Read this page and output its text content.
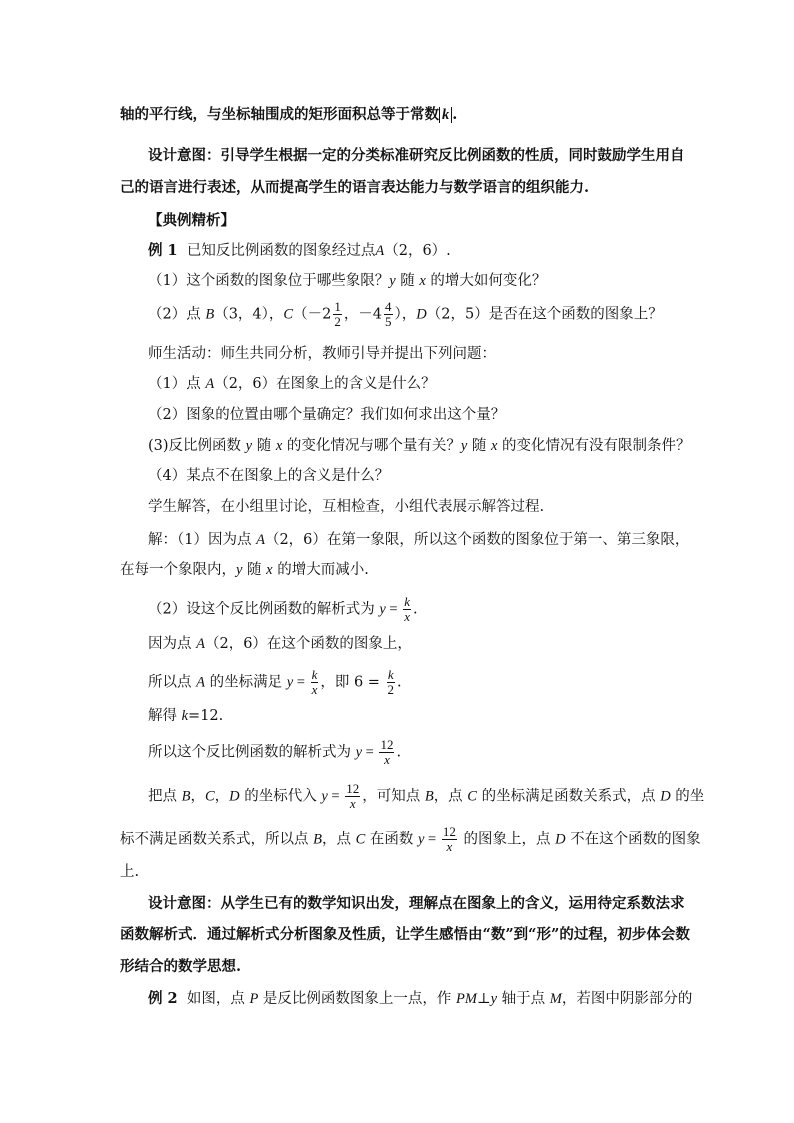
轴的平行线，与坐标轴围成的矩形面积总等于常数 k .
设计意图：引导学生根据一定的分类标准研究反比例函数的性质，同时鼓励学生用自
己的语言进行表述，从而提高学生的语言表达能力与数学语言的组织能力.
【典例精析】
例 1 已知反比例函数的图象经过点A（2，6）.
（1）这个函数的图象位于哪些象限？y 随 x 的增大如何变化？
（2）点 B（3，4），$C(-2 \frac{1}{2}$ ，$-4 \frac{4}{5}$ ），D（2，5）是否在这个函数的图象上？
师生活动：师生共同分析，教师引导并提出下列问题：
（1）点 A（2，6）在图象上的含义是什么？
（2）图象的位置由哪个量确定？我们如何求出这个量？
(3)反比例函数 y 随 x 的变化情况与哪个量有关？y 随 x 的变化情况有没有限制条件？
（4）某点不在图象上的含义是什么？
学生解答，在小组里讨论，互相检查，小组代表展示解答过程.
解：（1）因为点 A（2，6）在第一象限，所以这个函数的图象位于第一、第三象限，
在每一个象限内，y 随 x 的增大而减小.
（2）设这个反比例函数的解析式为 $y = \frac{k}{x}$ .
因为点 A（2，6）在这个函数的图象上，
所以点 A 的坐标满足 $y = \frac{k}{x}$ ，即 $6 = \frac{k}{2}$ .
解得 k=12.
所以这个反比例函数的解析式为 $y = \frac{12}{x}$ .
把点 B，C，D 的坐标代入 $y = \frac{12}{x}$ ，可知点 B，点 C 的坐标满足函数关系式，点 D 的坐
标不满足函数关系式，所以点 B，点 C 在函数 $y = \frac{12}{x}$ 的图象上，点 D 不在这个函数的图象
上.
设计意图：从学生已有的数学知识出发，理解点在图象上的含义，运用待定系数法求
函数解析式．通过解析式分析图象及性质，让学生感悟由“数”到“形”的过程，初步体会数
形结合的数学思想.
例 2 如图，点 P 是反比例函数图象上一点，作 PM⊥y 轴于点 M，若图中阴影部分的
